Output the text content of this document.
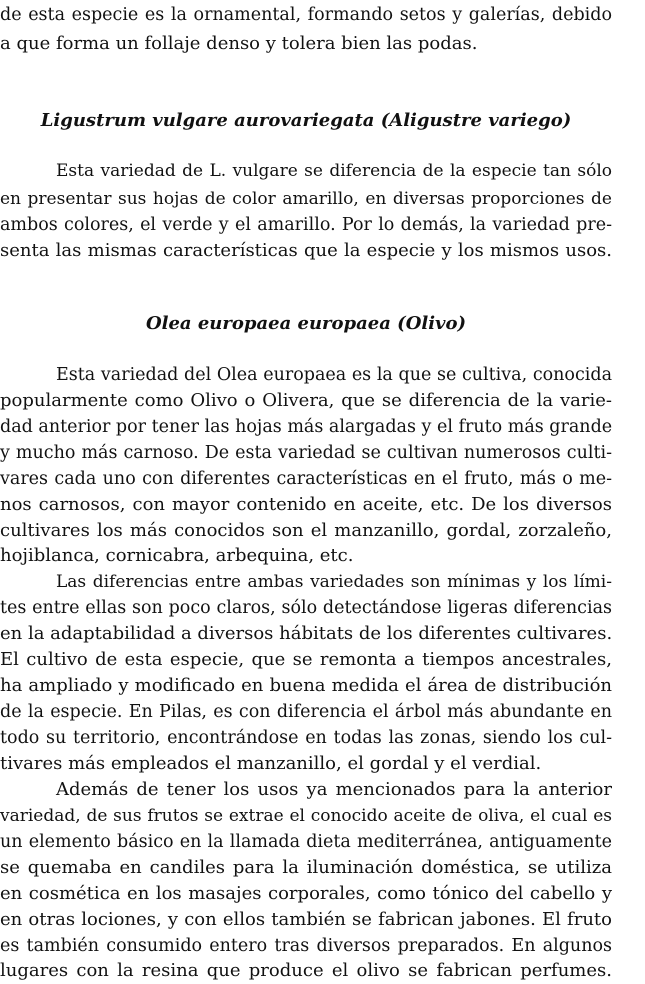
de esta especie es la ornamental, formando setos y galerías, debido
a que forma un follaje denso y tolera bien las podas.
Ligustrum vulgare aurovariegata (Aligustre variego)
Esta variedad de L. vulgare se diferencia de la especie tan sólo
en presentar sus hojas de color amarillo, en diversas proporciones de
ambos colores, el verde y el amarillo. Por lo demás, la variedad pre-
senta las mismas características que la especie y los mismos usos.
Olea europaea europaea (Olivo)
Esta variedad del Olea europaea es la que se cultiva, conocida
popularmente como Olivo o Olivera, que se diferencia de la varie-
dad anterior por tener las hojas más alargadas y el fruto más grande
y mucho más carnoso. De esta variedad se cultivan numerosos culti-
vares cada uno con diferentes características en el fruto, más o me-
nos carnosos, con mayor contenido en aceite, etc. De los diversos
cultivares los más conocidos son el manzanillo, gordal, zorzaleño,
hojiblanca, cornicabra, arbequina, etc.
Las diferencias entre ambas variedades son mínimas y los lími-
tes entre ellas son poco claros, sólo detectándose ligeras diferencias
en la adaptabilidad a diversos hábitats de los diferentes cultivares.
El cultivo de esta especie, que se remonta a tiempos ancestrales,
ha ampliado y modificado en buena medida el área de distribución
de la especie. En Pilas, es con diferencia el árbol más abundante en
todo su territorio, encontrándose en todas las zonas, siendo los cul-
tivares más empleados el manzanillo, el gordal y el verdial.
Además de tener los usos ya mencionados para la anterior
variedad, de sus frutos se extrae el conocido aceite de oliva, el cual es
un elemento básico en la llamada dieta mediterránea, antiguamente
se quemaba en candiles para la iluminación doméstica, se utiliza
en cosmética en los masajes corporales, como tónico del cabello y
en otras lociones, y con ellos también se fabrican jabones. El fruto
es también consumido entero tras diversos preparados. En algunos
lugares con la resina que produce el olivo se fabrican perfumes.
